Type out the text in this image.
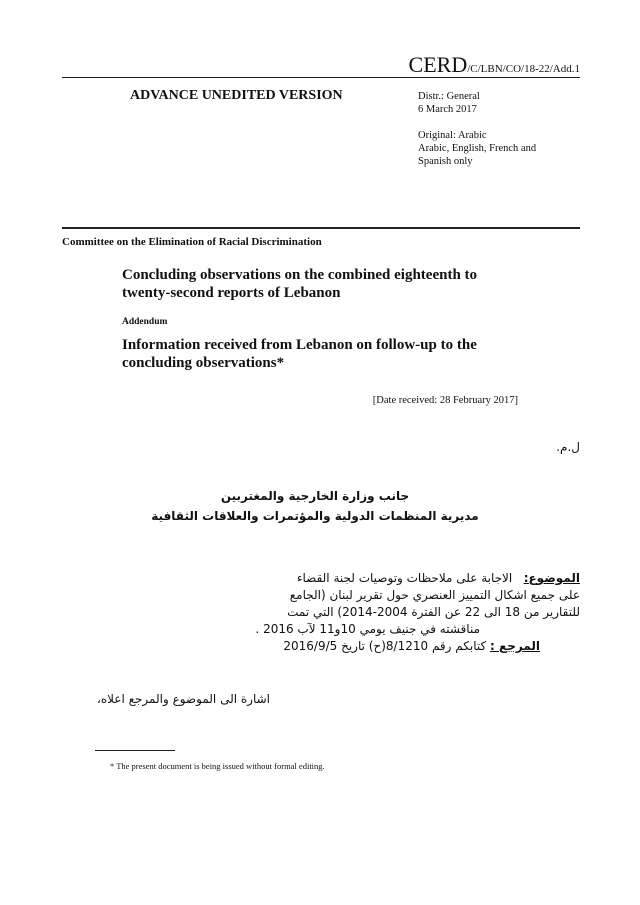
CERD/C/LBN/CO/18-22/Add.1
ADVANCE UNEDITED VERSION	Distr.: General
6 March 2017
Original: Arabic
Arabic, English, French and
Spanish only
Committee on the Elimination of Racial Discrimination
Concluding observations on the combined eighteenth to
twenty-second reports of Lebanon
Addendum
Information received from Lebanon on follow-up to the
concluding observations*
[Date received: 28 February 2017]
ل.م.
جانب وزارة الخارجية والمغتربين
مديرية المنظمات الدولية والمؤتمرات والعلاقات الثقافية
الموضوع:   الاجابة على ملاحظات وتوصيات لجنة القضاء
على جميع اشكال التمييز العنصري حول تقرير لبنان (الجامع
للتقارير من 18 الى 22 عن الفترة 2004-2014) التي تمت
مناقشته في جنيف يومي 10و11 لآب 2016 .
المرجع : كتابكم رقم 8/1210(ح) تاريخ 2016/9/5
اشارة الى الموضوع والمرجع اعلاه،
* The present document is being issued without formal editing.
